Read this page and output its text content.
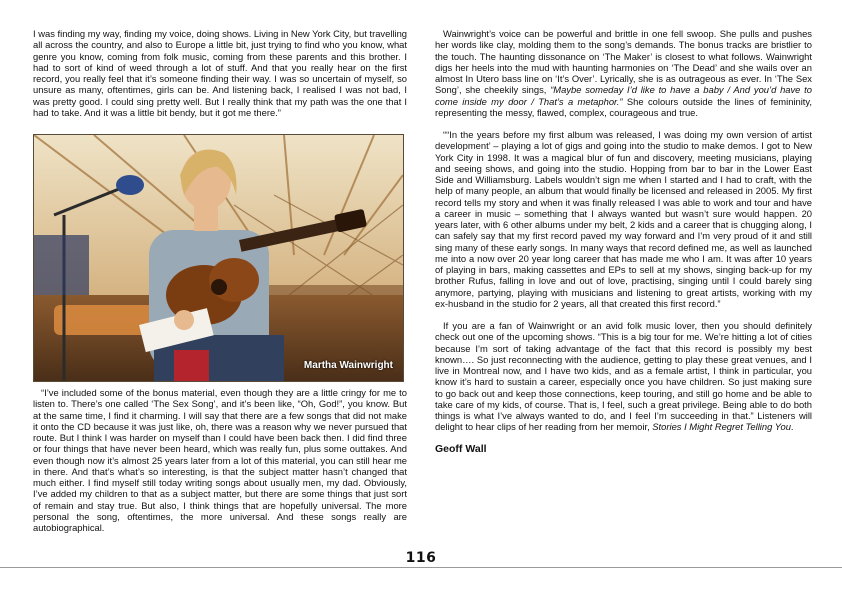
I was finding my way, finding my voice, doing shows. Living in New York City, but travelling all across the country, and also to Europe a little bit, just trying to find who you know, what genre you know, coming from folk music, coming from these parents and this brother. I had to sort of kind of weed through a lot of stuff. And that you really hear on the first record, you really feel that it’s someone finding their way. I was so uncertain of myself, so unsure as many, oftentimes, girls can be. And listening back, I realised I was not bad, I was pretty good. I could sing pretty well. But I really think that my path was the one that I had to take. And it was a little bit bendy, but it got me there.”

Martha Wainwright

“I’ve included some of the bonus material, even though they are a little cringy for me to listen to. There’s one called ‘The Sex Song’, and it’s been like, “Oh, God!”, you know. But at the same time, I find it charming. I will say that there are a few songs that did not make it onto the CD because it was just like, oh, there was a reason why we never pursued that route. But I think I was harder on myself than I could have been back then. I did find three or four things that have never been heard, which was really fun, plus some outtakes. And even though now it’s almost 25 years later from a lot of this material, you can still hear me in there. And that’s what’s so interesting, is that the subject matter hasn’t changed that much either. I find myself still today writing songs about usually men, my dad. Obviously, I’ve added my children to that as a subject matter, but there are some things that just sort of remain and stay true. But also, I think things that are hopefully universal. The more personal the song, oftentimes, the more universal. And these songs really are autobiographical.

Wainwright’s voice can be powerful and brittle in one fell swoop. She pulls and pushes her words like clay, molding them to the song’s demands. The bonus tracks are bristlier to the touch. The haunting dissonance on ‘The Maker’ is closest to what follows. Wainwright digs her heels into the mud with haunting harmonies on ‘The Dead’ and she wails over an almost In Utero bass line on ‘It’s Over’. Lyrically, she is as outrageous as ever. In ‘The Sex Song’, she cheekily sings, “Maybe someday I’d like to have a baby / And you’d have to come inside my door / That’s a metaphor.” She colours outside the lines of femininity, representing the messy, flawed, complex, courageous and true.

““In the years before my first album was released, I was doing my own version of artist development’ – playing a lot of gigs and going into the studio to make demos. I got to New York City in 1998. It was a magical blur of fun and discovery, meeting musicians, playing and seeing shows, and going into the studio. Hopping from bar to bar in the Lower East Side and Williamsburg. Labels wouldn’t sign me when I started and I had to craft, with the help of many people, an album that would finally be licensed and released in 2005. My first record tells my story and when it was finally released I was able to work and tour and have a career in music – something that I always wanted but wasn’t sure would happen. 20 years later, with 6 other albums under my belt, 2 kids and a career that is chugging along, I can safely say that my first record paved my way forward and I’m very proud of it and still sing many of these early songs. In many ways that record defined me, as well as launched me into a now over 20 year long career that has made me who I am. It was after 10 years of playing in bars, making cassettes and EPs to sell at my shows, singing back-up for my brother Rufus, falling in love and out of love, practising, singing until I could barely sing anymore, partying, playing with musicians and listening to great artists, working with my ex-husband in the studio for 2 years, all that created this first record.”

If you are a fan of Wainwright or an avid folk music lover, then you should definitely check out one of the upcoming shows. “This is a big tour for me. We’re hitting a lot of cities because I’m sort of taking advantage of the fact that this record is possibly my best known…. So just reconnecting with the audience, getting to play these great venues, and I live in Montreal now, and I have two kids, and as a female artist, I think in particular, you know it’s hard to sustain a career, especially once you have children. So just making sure to go back out and keep those connections, keep touring, and still go home and be able to take care of my kids, of course. That is, I feel, such a great privilege. Being able to do both things is what I’ve always wanted to do, and I feel I’m succeeding in that.” Listeners will delight to hear clips of her reading from her memoir, Stories I Might Regret Telling You.

Geoff Wall

116
